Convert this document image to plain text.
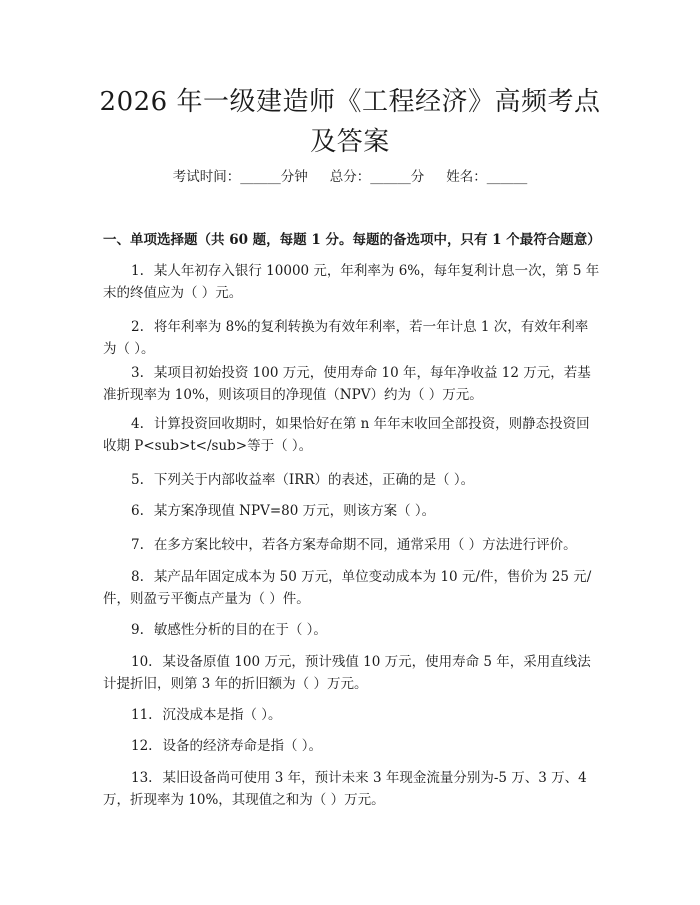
2026 年一级建造师《工程经济》高频考点及答案
考试时间：______分钟 总分：______分 姓名：______
一、单项选择题（共 60 题，每题 1 分。每题的备选项中，只有 1 个最符合题意）

1. 某人年初存入银行 10000 元，年利率为 6%，每年复利计息一次，第 5 年末的终值应为（ ）元。

2. 将年利率为 8%的复利转换为有效年利率，若一年计息 1 次，有效年利率为（ ）。

3. 某项目初始投资 100 万元，使用寿命 10 年，每年净收益 12 万元，若基准折现率为 10%，则该项目的净现值（NPV）约为（ ）万元。

4. 计算投资回收期时，如果恰好在第 n 年年末收回全部投资，则静态投资回收期 P<sub>t</sub>等于（ ）。

5. 下列关于内部收益率（IRR）的表述，正确的是（ ）。

6. 某方案净现值 NPV=80 万元，则该方案（ ）。

7. 在多方案比较中，若各方案寿命期不同，通常采用（ ）方法进行评价。

8. 某产品年固定成本为 50 万元，单位变动成本为 10 元/件，售价为 25 元/件，则盈亏平衡点产量为（ ）件。

9. 敏感性分析的目的在于（ ）。

10. 某设备原值 100 万元，预计残值 10 万元，使用寿命 5 年，采用直线法计提折旧，则第 3 年的折旧额为（ ）万元。

11. 沉没成本是指（ ）。

12. 设备的经济寿命是指（ ）。

13. 某旧设备尚可使用 3 年，预计未来 3 年现金流量分别为-5 万、3 万、4 万，折现率为 10%，其现值之和为（ ）万元。
